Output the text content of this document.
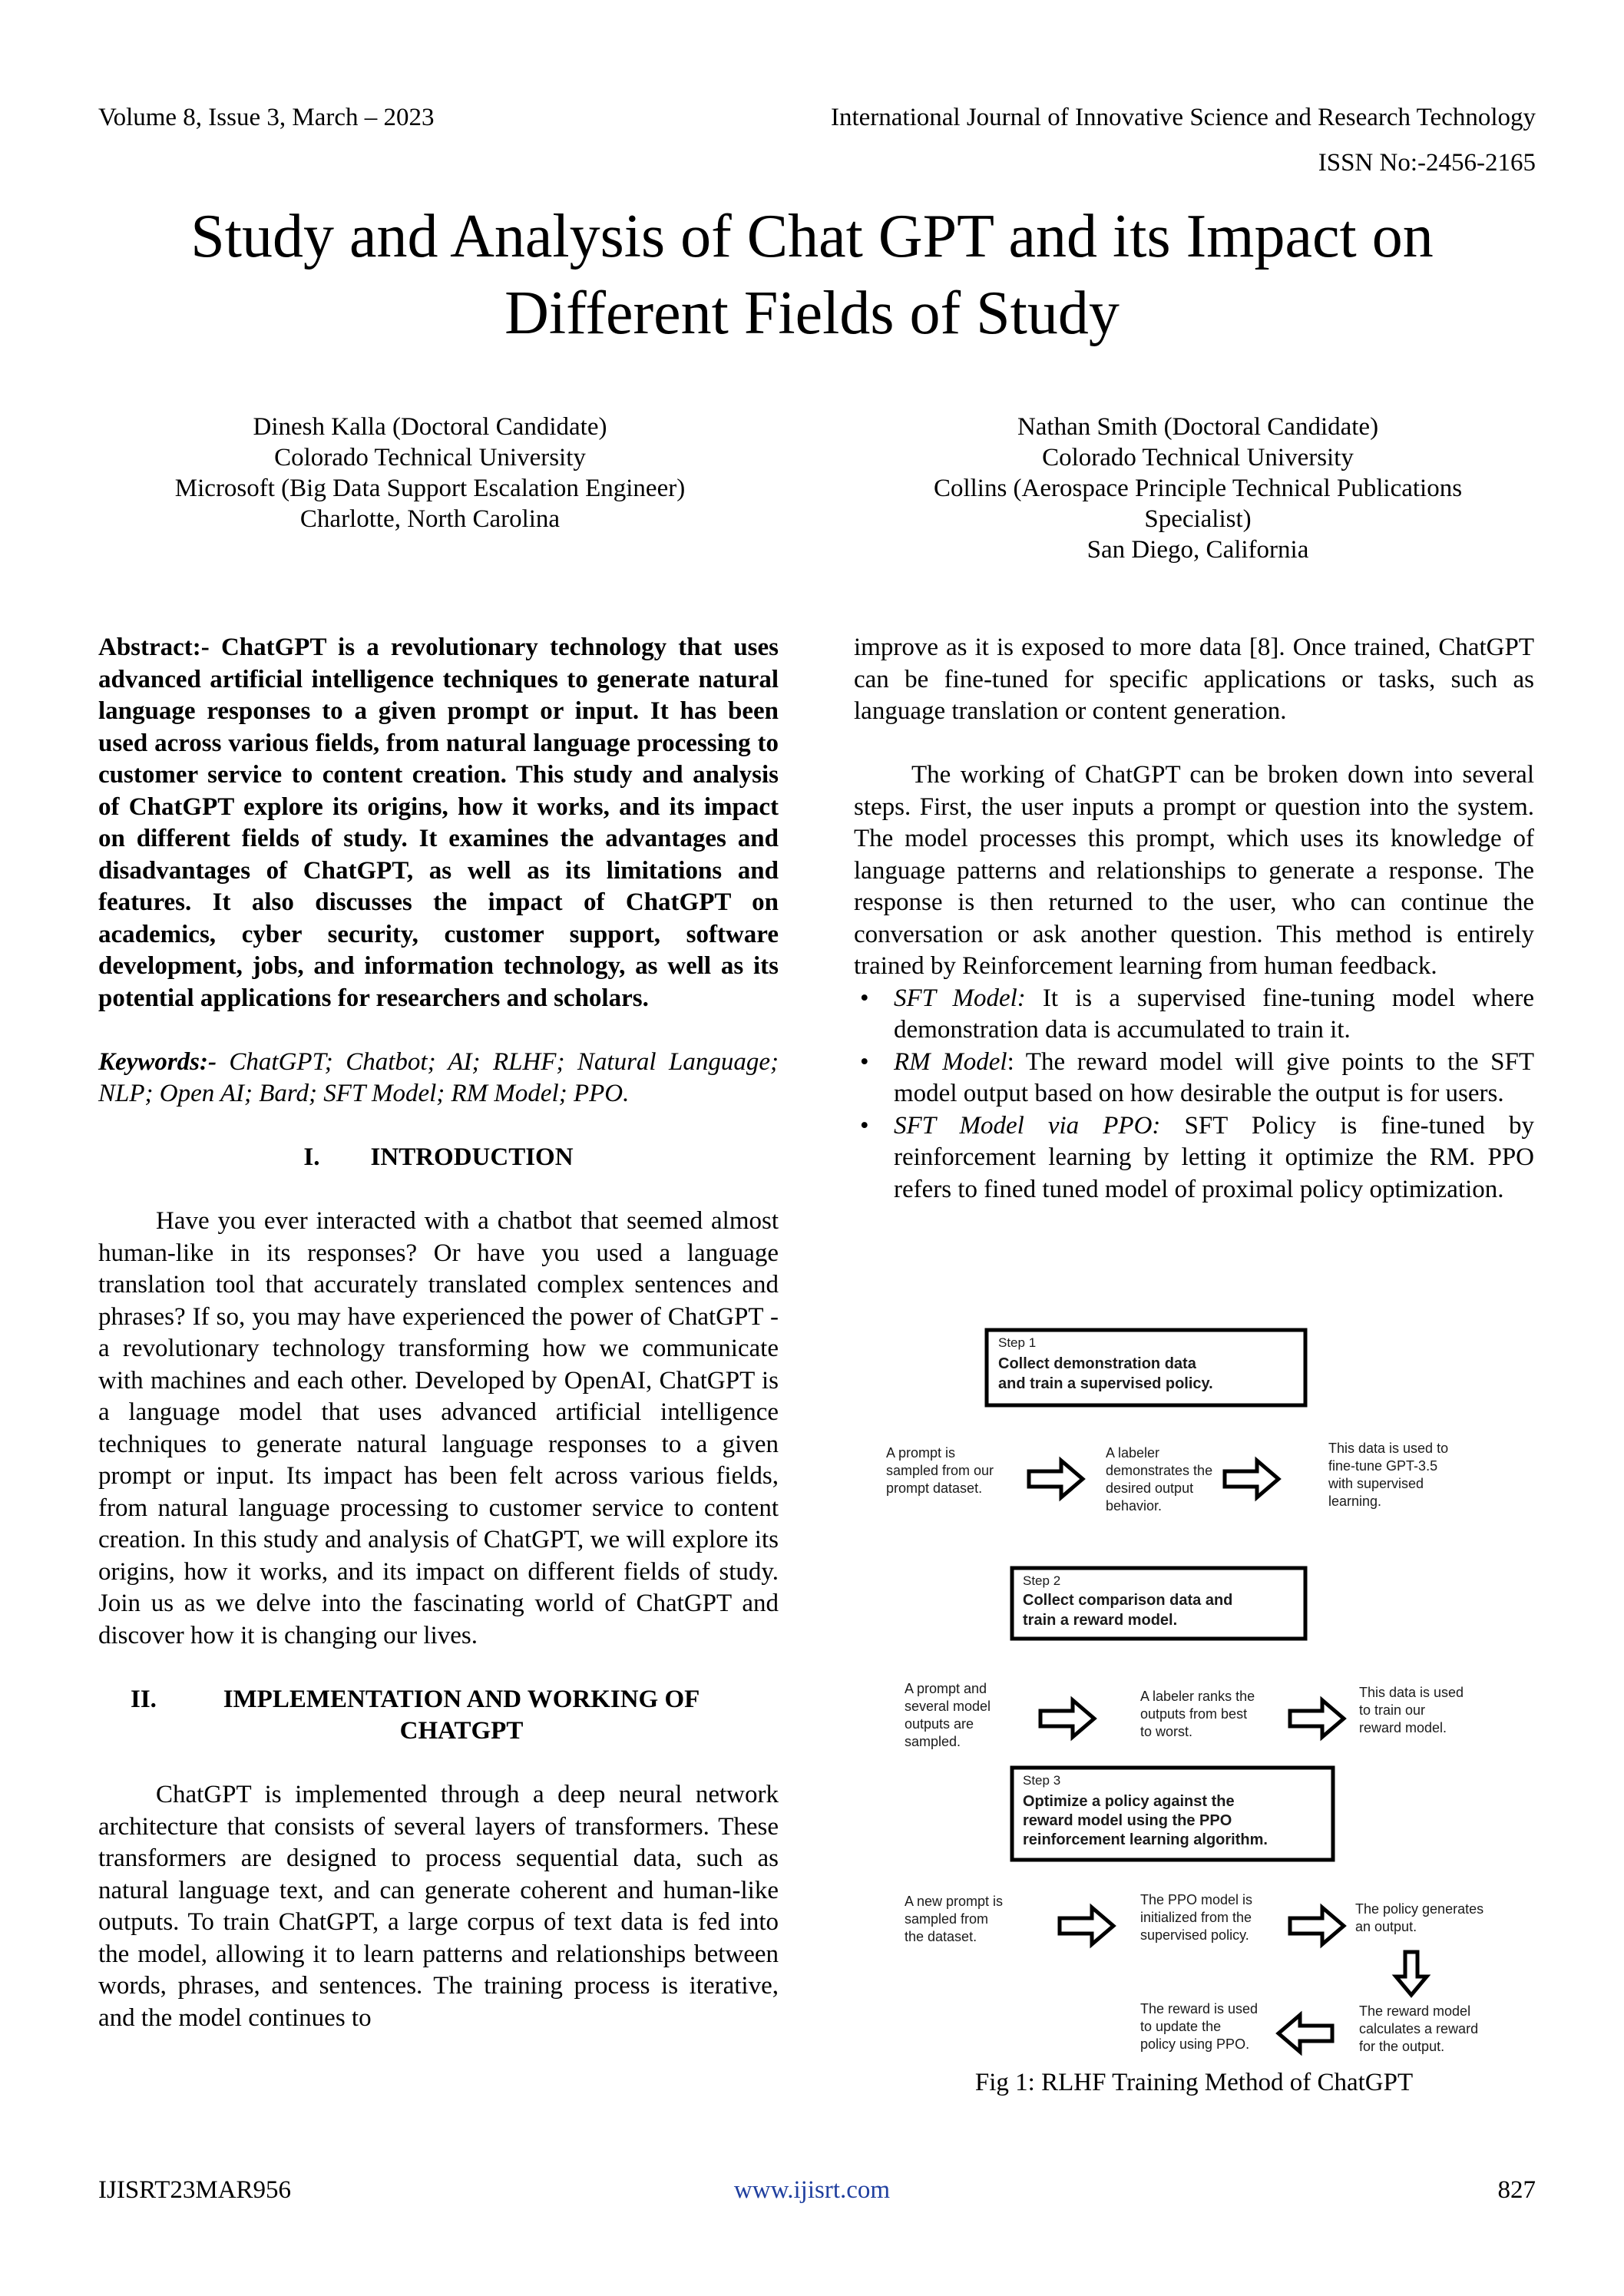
Volume 8, Issue 3, March – 2023	International Journal of Innovative Science and Research Technology
ISSN No:-2456-2165
Study and Analysis of Chat GPT and its Impact on
Different Fields of Study
Dinesh Kalla (Doctoral Candidate)
Colorado Technical University
Microsoft (Big Data Support Escalation Engineer)
Charlotte, North Carolina
Nathan Smith (Doctoral Candidate)
Colorado Technical University
Collins (Aerospace Principle Technical Publications
Specialist)
San Diego, California

Abstract:- ChatGPT is a revolutionary technology that uses advanced artificial intelligence techniques to generate natural language responses to a given prompt or input. It has been used across various fields, from natural language processing to customer service to content creation. This study and analysis of ChatGPT explore its origins, how it works, and its impact on different fields of study. It examines the advantages and disadvantages of ChatGPT, as well as its limitations and features. It also discusses the impact of ChatGPT on academics, cyber security, customer support, software development, jobs, and information technology, as well as its potential applications for researchers and scholars.

Keywords:- ChatGPT; Chatbot; AI; RLHF; Natural Language; NLP; Open AI; Bard; SFT Model; RM Model; PPO.

I. INTRODUCTION

Have you ever interacted with a chatbot that seemed almost human-like in its responses? Or have you used a language translation tool that accurately translated complex sentences and phrases? If so, you may have experienced the power of ChatGPT - a revolutionary technology transforming how we communicate with machines and each other. Developed by OpenAI, ChatGPT is a language model that uses advanced artificial intelligence techniques to generate natural language responses to a given prompt or input. Its impact has been felt across various fields, from natural language processing to customer service to content creation. In this study and analysis of ChatGPT, we will explore its origins, how it works, and its impact on different fields of study. Join us as we delve into the fascinating world of ChatGPT and discover how it is changing our lives.

II.	IMPLEMENTATION AND WORKING OF
CHATGPT

ChatGPT is implemented through a deep neural network architecture that consists of several layers of transformers. These transformers are designed to process sequential data, such as natural language text, and can generate coherent and human-like outputs. To train ChatGPT, a large corpus of text data is fed into the model, allowing it to learn patterns and relationships between words, phrases, and sentences. The training process is iterative, and the model continues to

improve as it is exposed to more data [8]. Once trained, ChatGPT can be fine-tuned for specific applications or tasks, such as language translation or content generation.

The working of ChatGPT can be broken down into several steps. First, the user inputs a prompt or question into the system. The model processes this prompt, which uses its knowledge of language patterns and relationships to generate a response. The response is then returned to the user, who can continue the conversation or ask another question. This method is entirely trained by Reinforcement learning from human feedback.

• SFT Model: It is a supervised fine-tuning model where demonstration data is accumulated to train it.
• RM Model: The reward model will give points to the SFT model output based on how desirable the output is for users.
• SFT Model via PPO: SFT Policy is fine-tuned by reinforcement learning by letting it optimize the RM. PPO refers to fined tuned model of proximal policy optimization.
Step 1
Collect demonstration data
and train a supervised policy.
A prompt is
sampled from our
prompt dataset.
A labeler
demonstrates the
desired output
behavior.
This data is used to
fine-tune GPT-3.5
with supervised
learning.
Step 2
Collect comparison data and
train a reward model.
A prompt and
several model
outputs are
sampled.
A labeler ranks the
outputs from best
to worst.
This data is used
to train our
reward model.
Step 3
Optimize a policy against the
reward model using the PPO
reinforcement learning algorithm.
A new prompt is
sampled from
the dataset.
The PPO model is
initialized from the
supervised policy.
The policy generates
an output.
The reward is used
to update the
policy using PPO.
The reward model
calculates a reward
for the output.
Fig 1: RLHF Training Method of ChatGPT
IJISRT23MAR956	www.ijisrt.com	827
